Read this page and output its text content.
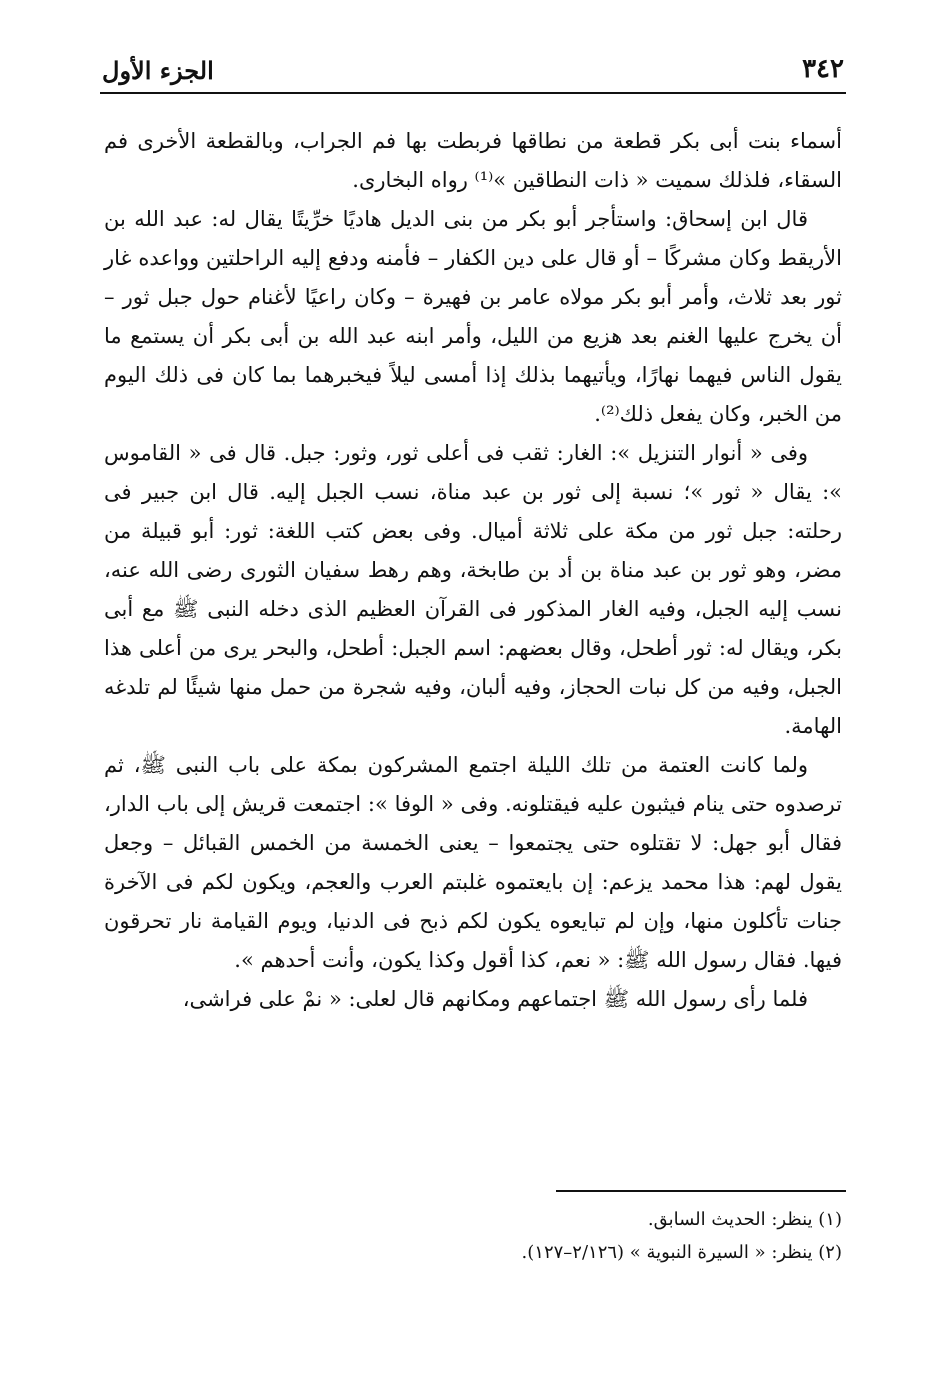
٣٤٢
الجزء الأول

أسماء بنت أبى بكر قطعة من نطاقها فربطت بها فم الجراب، وبالقطعة الأخرى فم السقاء، فلذلك سميت « ذات النطاقين »⁽¹⁾ رواه البخارى.

قال ابن إسحاق: واستأجر أبو بكر من بنى الديل هاديًا خرِّيتًا يقال له: عبد الله بن الأريقط وكان مشركًا – أو قال على دين الكفار – فأمنه ودفع إليه الراحلتين وواعده غار ثور بعد ثلاث، وأمر أبو بكر مولاه عامر بن فهيرة – وكان راعيًا لأغنام حول جبل ثور – أن يخرج عليها الغنم بعد هزيع من الليل، وأمر ابنه عبد الله بن أبى بكر أن يستمع ما يقول الناس فيهما نهارًا، ويأتيهما بذلك إذا أمسى ليلاً فيخبرهما بما كان فى ذلك اليوم من الخبر، وكان يفعل ذلك⁽²⁾.

وفى « أنوار التنزيل »: الغار: ثقب فى أعلى ثور، وثور: جبل. قال فى « القاموس »: يقال « ثور »؛ نسبة إلى ثور بن عبد مناة، نسب الجبل إليه. قال ابن جبير فى رحلته: جبل ثور من مكة على ثلاثة أميال. وفى بعض كتب اللغة: ثور: أبو قبيلة من مضر، وهو ثور بن عبد مناة بن أد بن طابخة، وهم رهط سفيان الثورى رضى الله عنه، نسب إليه الجبل، وفيه الغار المذكور فى القرآن العظيم الذى دخله النبى ﷺ مع أبى بكر، ويقال له: ثور أطحل، وقال بعضهم: اسم الجبل: أطحل، والبحر يرى من أعلى هذا الجبل، وفيه من كل نبات الحجاز، وفيه ألبان، وفيه شجرة من حمل منها شيئًا لم تلدغه الهامة.

ولما كانت العتمة من تلك الليلة اجتمع المشركون بمكة على باب النبى ﷺ، ثم ترصدوه حتى ينام فيثبون عليه فيقتلونه. وفى « الوفا »: اجتمعت قريش إلى باب الدار، فقال أبو جهل: لا تقتلوه حتى يجتمعوا – يعنى الخمسة من الخمس القبائل – وجعل يقول لهم: هذا محمد يزعم: إن بايعتموه غلبتم العرب والعجم، ويكون لكم فى الآخرة جنات تأكلون منها، وإن لم تبايعوه يكون لكم ذبح فى الدنيا، ويوم القيامة نار تحرقون فيها. فقال رسول الله ﷺ: « نعم، كذا أقول وكذا يكون، وأنت أحدهم ».

فلما رأى رسول الله ﷺ اجتماعهم ومكانهم قال لعلى: « نمْ على فراشى،

(١) ينظر: الحديث السابق.
(٢) ينظر: « السيرة النبوية » (٢/١٢٦–١٢٧).
